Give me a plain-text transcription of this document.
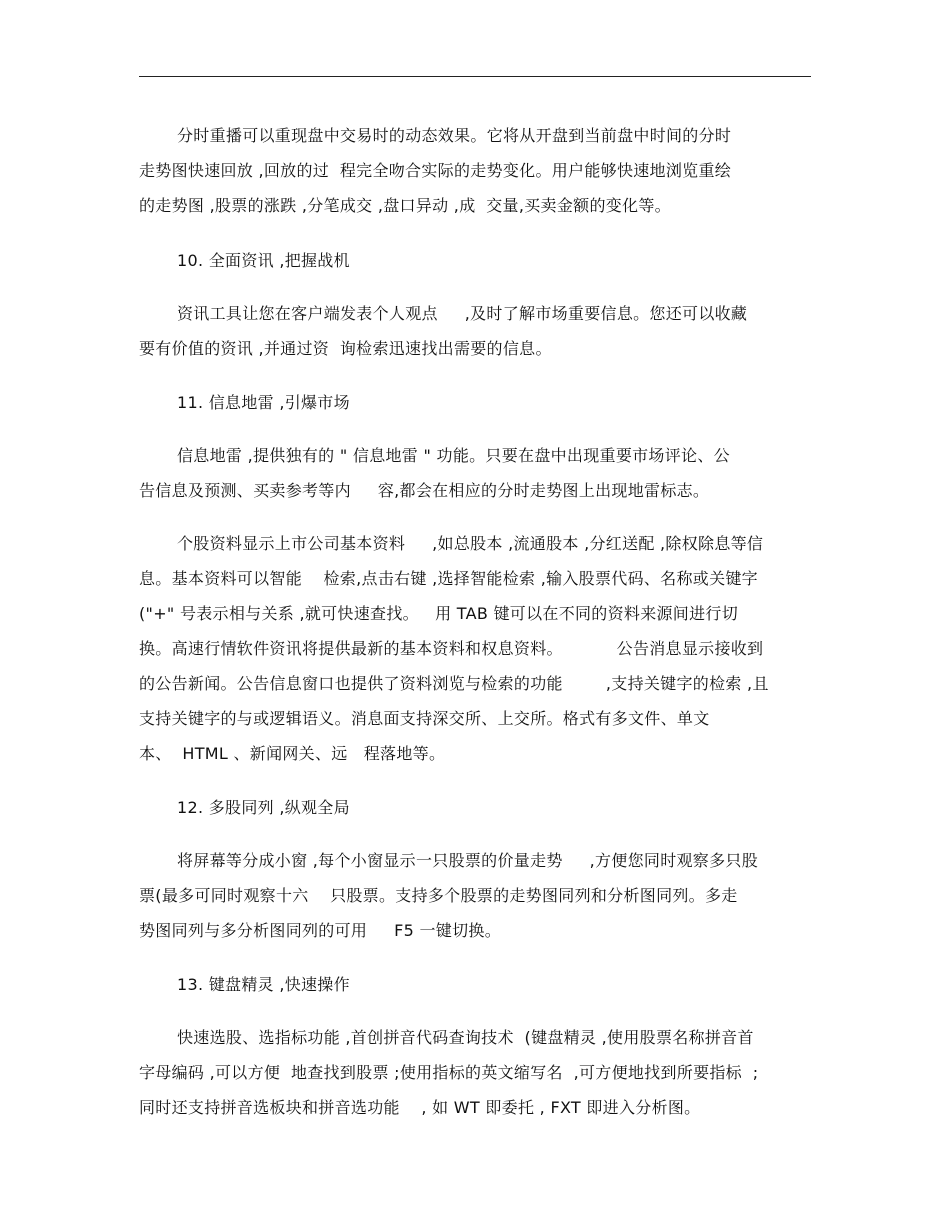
分时重播可以重现盘中交易时的动态效果。它将从开盘到当前盘中时间的分时
走势图快速回放 ,回放的过  程完全吻合实际的走势变化。用户能够快速地浏览重绘
的走势图 ,股票的涨跌 ,分笔成交 ,盘口异动 ,成  交量,买卖金额的变化等。
10. 全面资讯 ,把握战机
资讯工具让您在客户端发表个人观点     ,及时了解市场重要信息。您还可以收藏
要有价值的资讯 ,并通过资  询检索迅速找出需要的信息。
11. 信息地雷 ,引爆市场
信息地雷 ,提供独有的 " 信息地雷 " 功能。只要在盘中出现重要市场评论、公
告信息及预测、买卖参考等内     容,都会在相应的分时走势图上出现地雷标志。
个股资料显示上市公司基本资料     ,如总股本 ,流通股本 ,分红送配 ,除权除息等信
息。基本资料可以智能    检索,点击右键 ,选择智能检索 ,输入股票代码、名称或关键字
("+" 号表示相与关系 ,就可快速查找。   用 TAB 键可以在不同的资料来源间进行切
换。高速行情软件资讯将提供最新的基本资料和权息资料。          公告消息显示接收到
的公告新闻。公告信息窗口也提供了资料浏览与检索的功能        ,支持关键字的检索 ,且
支持关键字的与或逻辑语义。消息面支持深交所、上交所。格式有多文件、单文
本、  HTML 、新闻网关、远   程落地等。
12. 多股同列 ,纵观全局
将屏幕等分成小窗 ,每个小窗显示一只股票的价量走势     ,方便您同时观察多只股
票(最多可同时观察十六    只股票。支持多个股票的走势图同列和分析图同列。多走
势图同列与多分析图同列的可用     F5 一键切换。
13. 键盘精灵 ,快速操作
快速选股、选指标功能 ,首创拼音代码查询技术  (键盘精灵 ,使用股票名称拼音首
字母编码 ,可以方便  地查找到股票 ;使用指标的英文缩写名  ,可方便地找到所要指标  ;
同时还支持拼音选板块和拼音选功能    , 如 WT 即委托 , FXT 即进入分析图。
